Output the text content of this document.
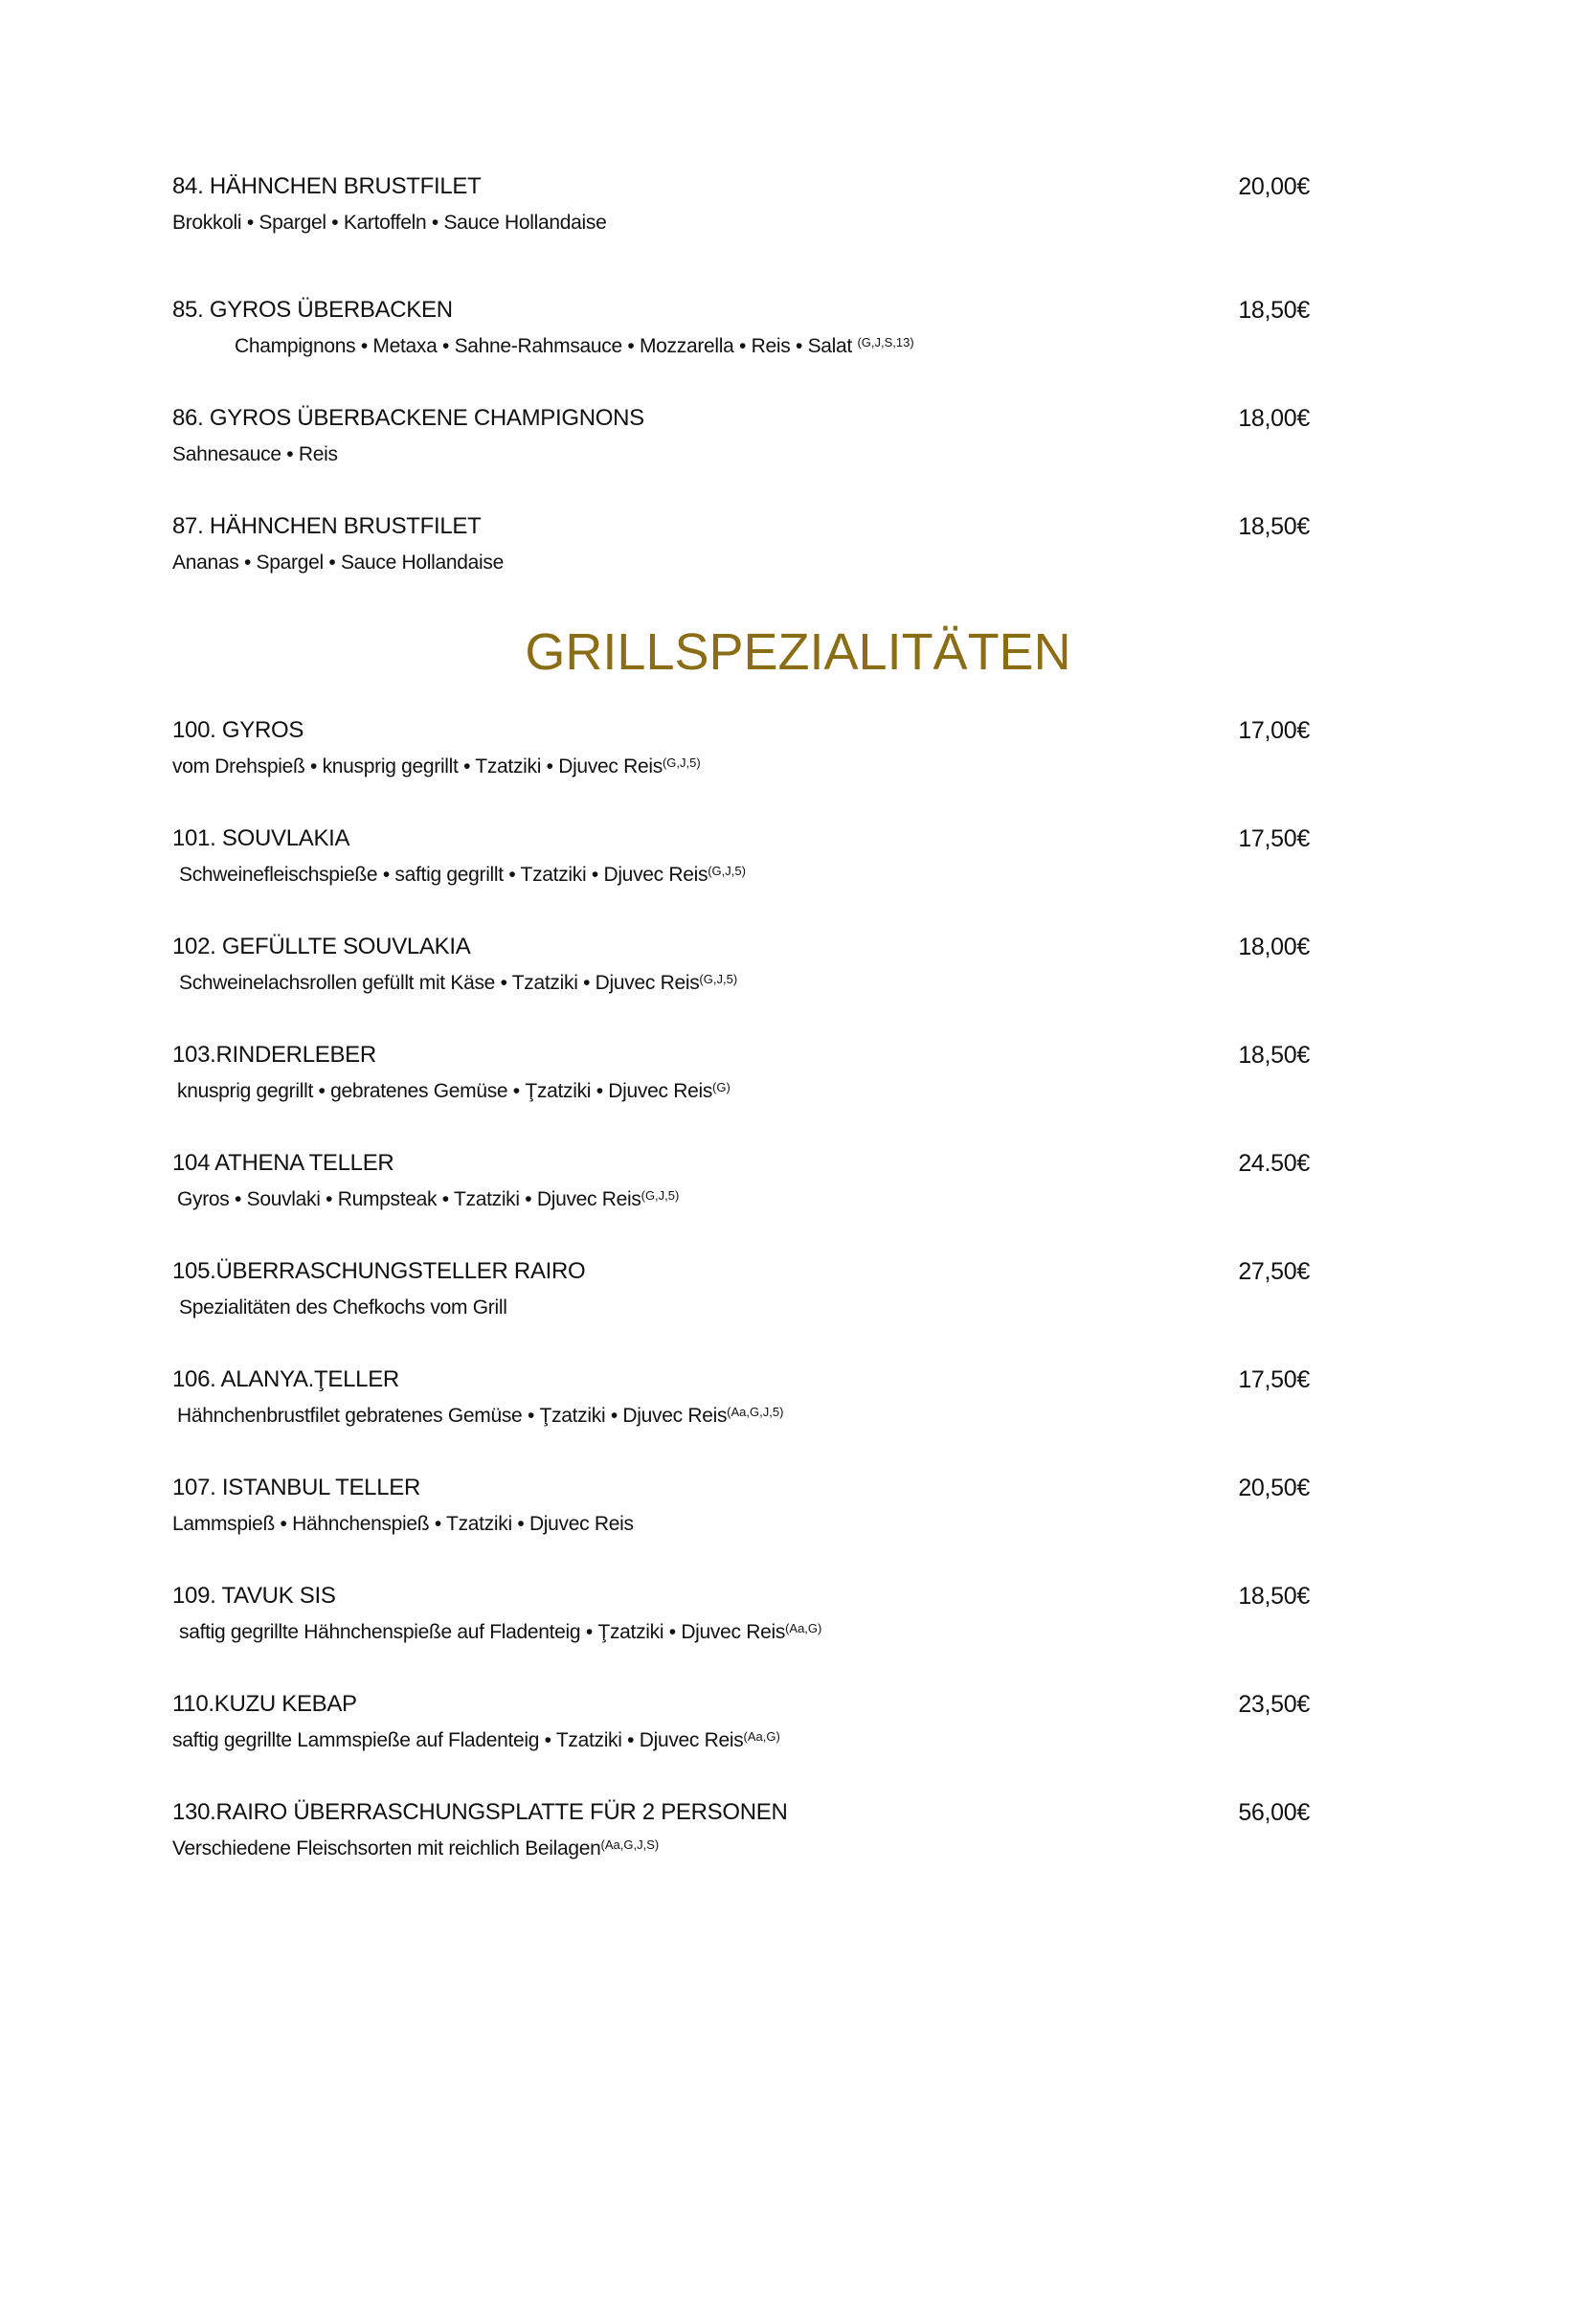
84. HÄHNCHEN BRUSTFILET
Brokkoli • Spargel • Kartoffeln • Sauce Hollandaise
20,00€
85. GYROS ÜBERBACKEN
Champignons • Metaxa • Sahne-Rahmsauce • Mozzarella • Reis • Salat $^{(G,J,S,13)}$
18,50€
86. GYROS ÜBERBACKENE CHAMPIGNONS
Sahnesauce • Reis
18,00€
87. HÄHNCHEN BRUSTFILET
Ananas • Spargel • Sauce Hollandaise
18,50€
GRILLSPEZIALITÄTEN
100. GYROS
vom Drehspieß • knusprig gegrillt • Tzatziki • Djuvec Reis$^{(G,J,5)}$
17,00€
101. SOUVLAKIA
Schweinefleischspieße • saftig gegrillt • Tzatziki • Djuvec Reis$^{(G,J,5)}$
17,50€
102. GEFÜLLTE SOUVLAKIA
Schweinelachsrollen gefüllt mit Käse • Tzatziki • Djuvec Reis$^{(G,J,5)}$
18,00€
103.RINDERLEBER
knusprig gegrillt • gebratenes Gemüse • Ţzatziki • Djuvec Reis$^{(G)}$
18,50€
104 ATHENA TELLER
Gyros • Souvlaki • Rumpsteak • Tzatziki • Djuvec Reis$^{(G,J,5)}$
24.50€
105.ÜBERRASCHUNGSTELLER RAIRO
Spezialitäten des Chefkochs vom Grill
27,50€
106. ALANYA.ŢELLER
Hähnchenbrustfilet gebratenes Gemüse • Ţzatziki • Djuvec Reis$^{(Aa,G,J,5)}$
17,50€
107. ISTANBUL TELLER
Lammspieß • Hähnchenspieß • Tzatziki • Djuvec Reis
20,50€
109. TAVUK SIS
saftig gegrillte Hähnchenspieße auf Fladenteig • Ţzatziki • Djuvec Reis$^{(Aa,G)}$
18,50€
110.KUZU KEBAP
saftig gegrillte Lammspieße auf Fladenteig • Tzatziki • Djuvec Reis$^{(Aa,G)}$
23,50€
130.RAIRO ÜBERRASCHUNGSPLATTE FÜR 2 PERSONEN
Verschiedene Fleischsorten mit reichlich Beilagen$^{(Aa,G,J,S)}$
56,00€
